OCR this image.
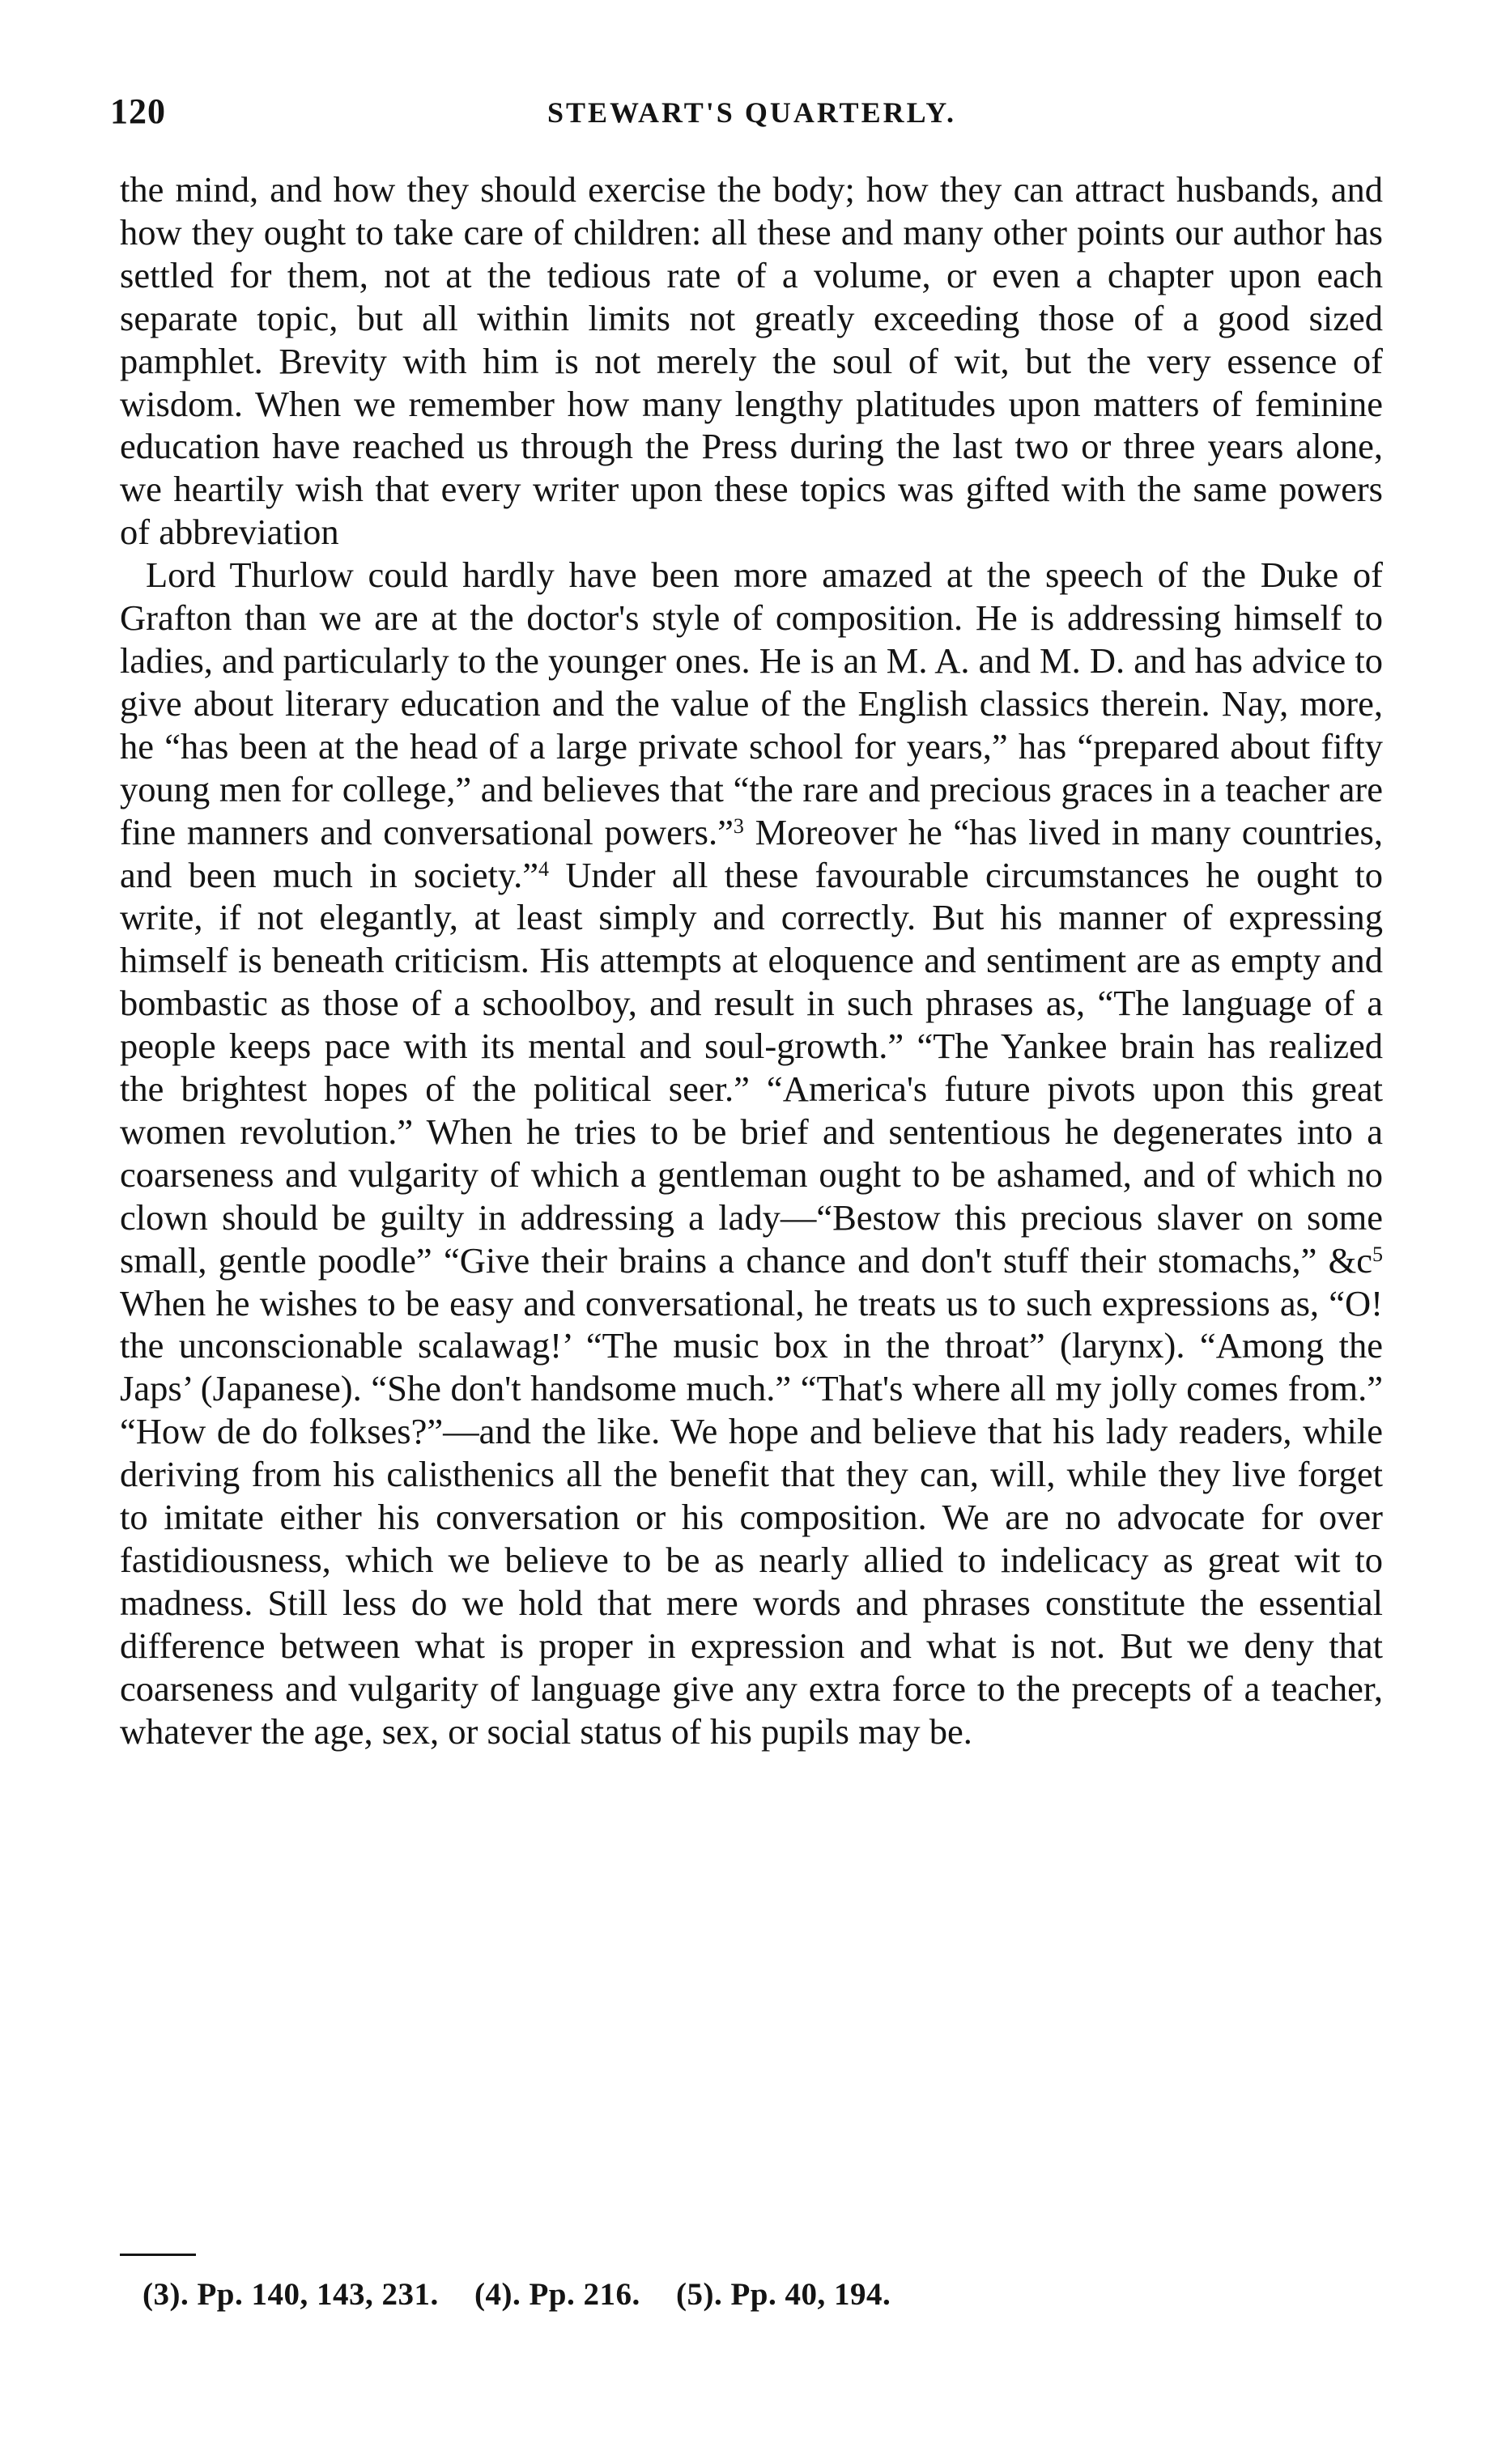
120	STEWART'S QUARTERLY.

the mind, and how they should exercise the body; how they can attract husbands, and how they ought to take care of children: all these and many other points our author has settled for them, not at the tedious rate of a volume, or even a chapter upon each separate topic, but all within limits not greatly exceeding those of a good sized pamphlet. Brevity with him is not merely the soul of wit, but the very essence of wisdom. When we remember how many lengthy platitudes upon matters of feminine education have reached us through the Press during the last two or three years alone, we heartily wish that every writer upon these topics was gifted with the same powers of abbreviation

Lord Thurlow could hardly have been more amazed at the speech of the Duke of Grafton than we are at the doctor's style of composition. He is addressing himself to ladies, and particularly to the younger ones. He is an M. A. and M. D. and has advice to give about literary education and the value of the English classics therein. Nay, more, he “has been at the head of a large private school for years,” has “prepared about fifty young men for college,” and believes that “the rare and precious graces in a teacher are fine manners and conversational powers.”$^3$ Moreover he “has lived in many countries, and been much in society.”$^4$ Under all these favourable circumstances he ought to write, if not elegantly, at least simply and correctly. But his manner of expressing himself is beneath criticism. His attempts at eloquence and sentiment are as empty and bombastic as those of a schoolboy, and result in such phrases as, “The language of a people keeps pace with its mental and soul-growth.” “The Yankee brain has realized the brightest hopes of the political seer.” “America's future pivots upon this great women revolution.” When he tries to be brief and sententious he degenerates into a coarseness and vulgarity of which a gentleman ought to be ashamed, and of which no clown should be guilty in addressing a lady—“Bestow this precious slaver on some small, gentle poodle” “Give their brains a chance and don't stuff their stomachs,” $\&c^5$ When he wishes to be easy and conversational, he treats us to such expressions as, “O! the unconscionable scalawag!’ “The music box in the throat” (larynx). “Among the Japs’ (Japanese). “She don't handsome much.” “That's where all my jolly comes from.” “How de do folkses?”—and the like. We hope and believe that his lady readers, while deriving from his calisthenics all the benefit that they can, will, while they live forget to imitate either his conversation or his composition. We are no advocate for over fastidiousness, which we believe to be as nearly allied to indelicacy as great wit to madness. Still less do we hold that mere words and phrases constitute the essential difference between what is proper in expression and what is not. But we deny that coarseness and vulgarity of language give any extra force to the precepts of a teacher, whatever the age, sex, or social status of his pupils may be.

(3). Pp. 140, 143, 231. (4). Pp. 216. (5). Pp. 40, 194.
